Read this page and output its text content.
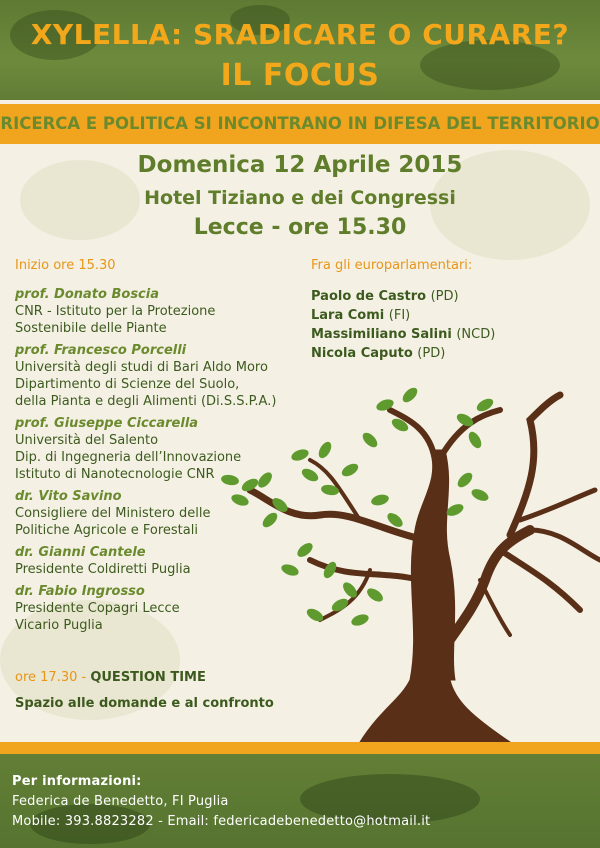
XYLELLA: SRADICARE O CURARE?
IL FOCUS
RICERCA E POLITICA SI INCONTRANO IN DIFESA DEL TERRITORIO
Domenica 12 Aprile 2015
Hotel Tiziano e dei Congressi
Lecce - ore 15.30
Inizio ore 15.30
prof. Donato Boscia
CNR - Istituto per la Protezione
Sostenibile delle Piante
prof. Francesco Porcelli
Università degli studi di Bari Aldo Moro
Dipartimento di Scienze del Suolo,
della Pianta e degli Alimenti (Di.S.S.P.A.)
prof. Giuseppe Ciccarella
Università del Salento
Dip. di Ingegneria dell’Innovazione
Istituto di Nanotecnologie CNR
dr. Vito Savino
Consigliere del Ministero delle
Politiche Agricole e Forestali
dr. Gianni Cantele
Presidente Coldiretti Puglia
dr. Fabio Ingrosso
Presidente Copagri Lecce
Vicario Puglia
Fra gli europarlamentari:
Paolo de Castro (PD)
Lara Comi (FI)
Massimiliano Salini (NCD)
Nicola Caputo (PD)
ore 17.30 - QUESTION TIME
Spazio alle domande e al confronto
Per informazioni:
Federica de Benedetto, FI Puglia
Mobile: 393.8823282 - Email: federicadebenedetto@hotmail.it
